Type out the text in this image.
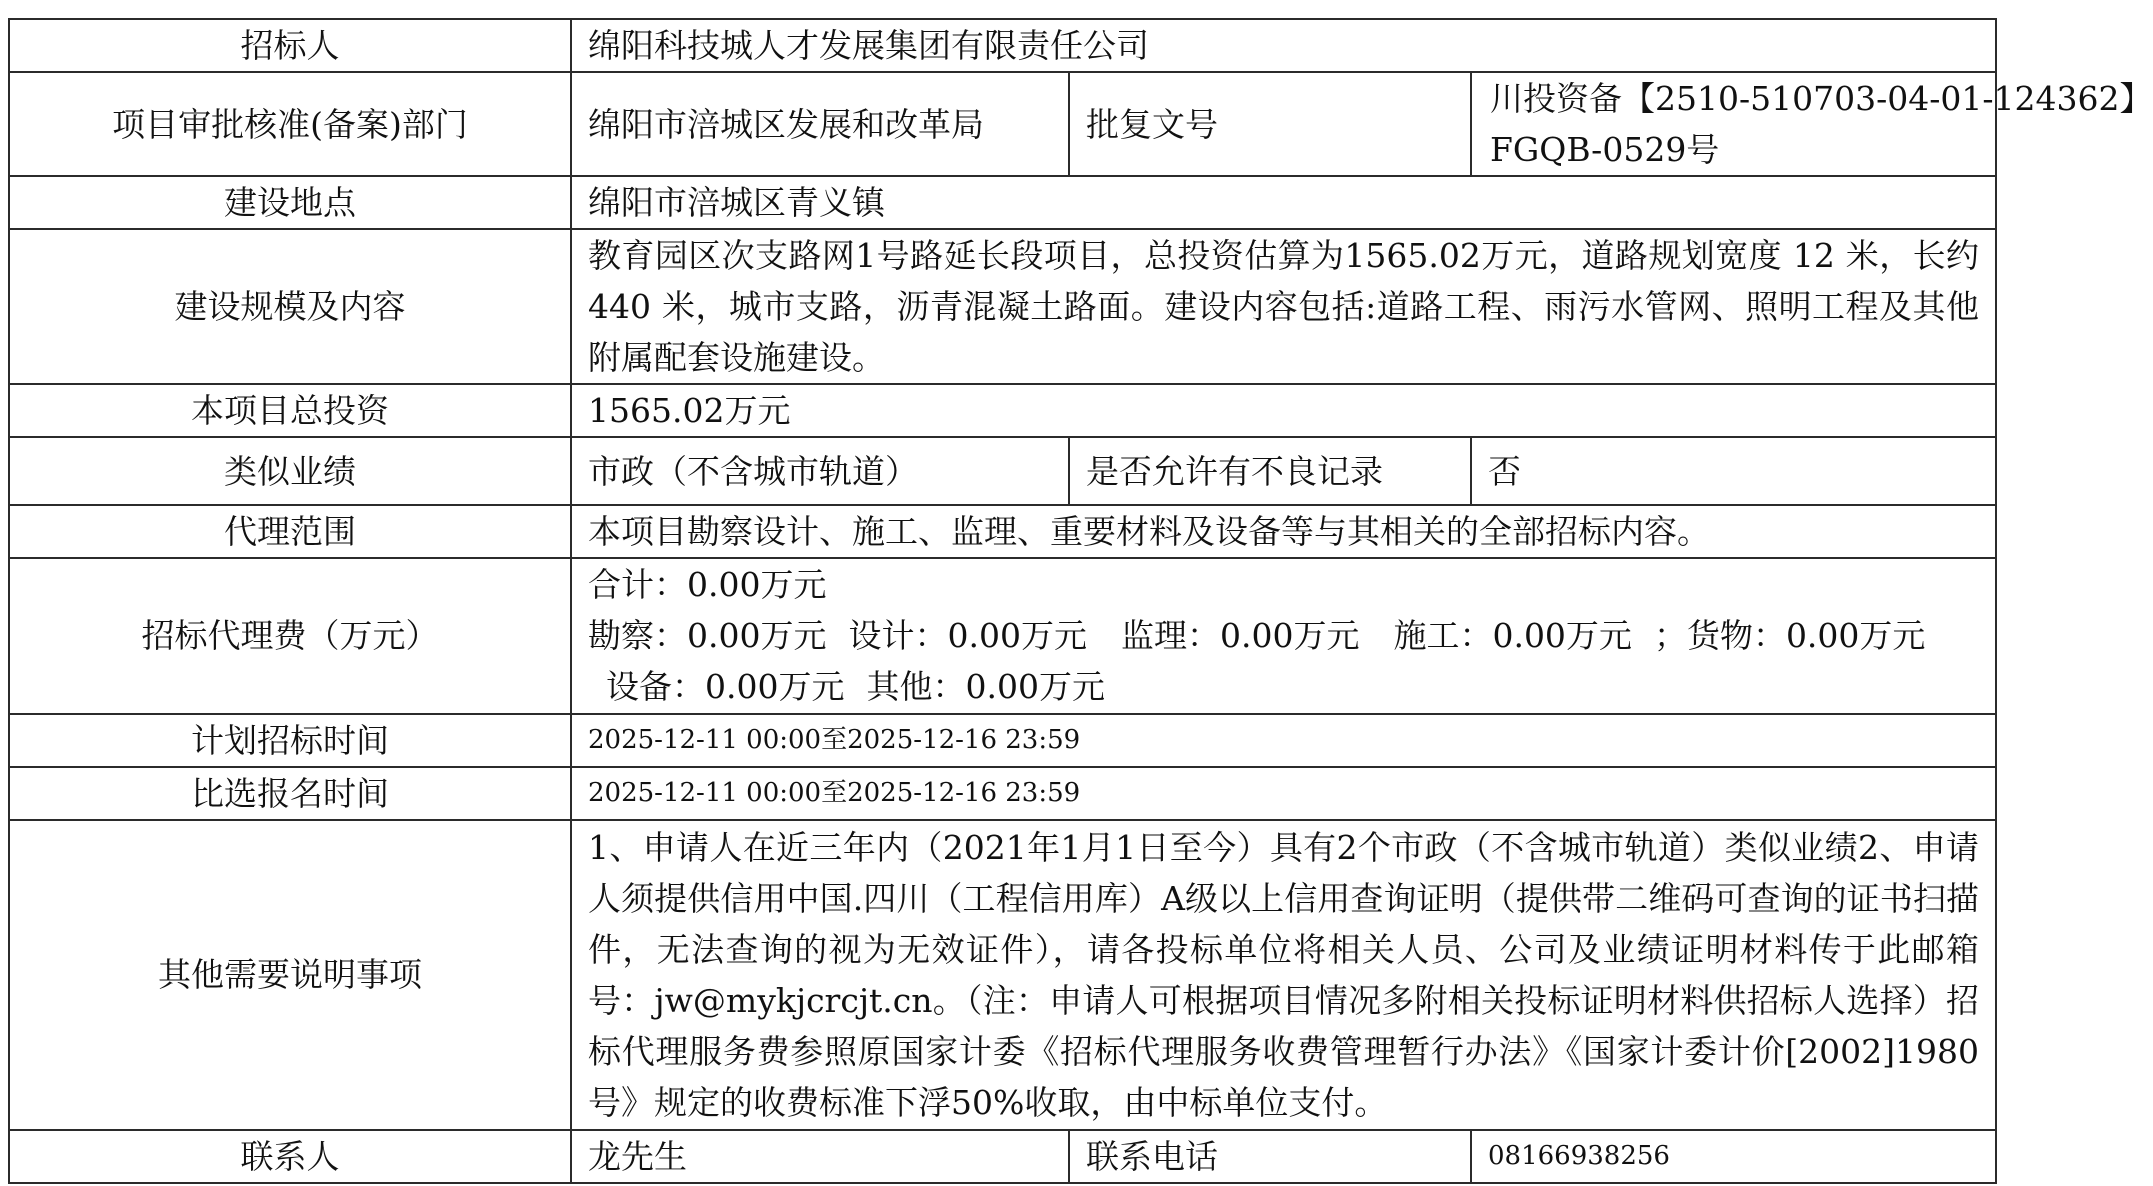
招标人	绵阳科技城人才发展集团有限责任公司		
项目审批核准(备案)部门	绵阳市涪城区发展和改革局	批复文号	川投资备【2510-510703-04-01-124362】
FGQB-0529号

建设地点	绵阳市涪城区青义镇		
建设规模及内容	教育园区次支路网1号路延长段项目，总投资估算为1565.02万元，道路规划宽度 12 米，长约 440 米，城市支路，沥青混凝土路面。建设内容包括:道路工程、雨污水管网、照明工程及其他附属配套设施建设。		

本项目总投资	1565.02万元		
类似业绩	市政（不含城市轨道）	是否允许有不良记录	否
代理范围	本项目勘察设计、施工、监理、重要材料及设备等与其相关的全部招标内容。		
招标代理费（万元）	合计：0.00万元
勘察：0.00万元 设计：0.00万元 监理：0.00万元 施工：0.00万元 ；货物：0.00万元
设备：0.00万元 其他：0.00万元		

计划招标时间	2025-12-11 00:00至2025-12-16 23:59		
比选报名时间	2025-12-11 00:00至2025-12-16 23:59		
其他需要说明事项	1、申请人在近三年内（2021年1月1日至今）具有2个市政（不含城市轨道）类似业绩2、申请人须提供信用中国.四川（工程信用库）A级以上信用查询证明（提供带二维码可查询的证书扫描件，无法查询的视为无效证件），请各投标单位将相关人员、公司及业绩证明材料传于此邮箱号：jw@mykjcrcjt.cn。（注：申请人可根据项目情况多附相关投标证明材料供招标人选择）招标代理服务费参照原国家计委《招标代理服务收费管理暂行办法》《国家计委计价[2002]1980号》规定的收费标准下浮50%收取，由中标单位支付。		

联系人	龙先生	联系电话	08166938256
